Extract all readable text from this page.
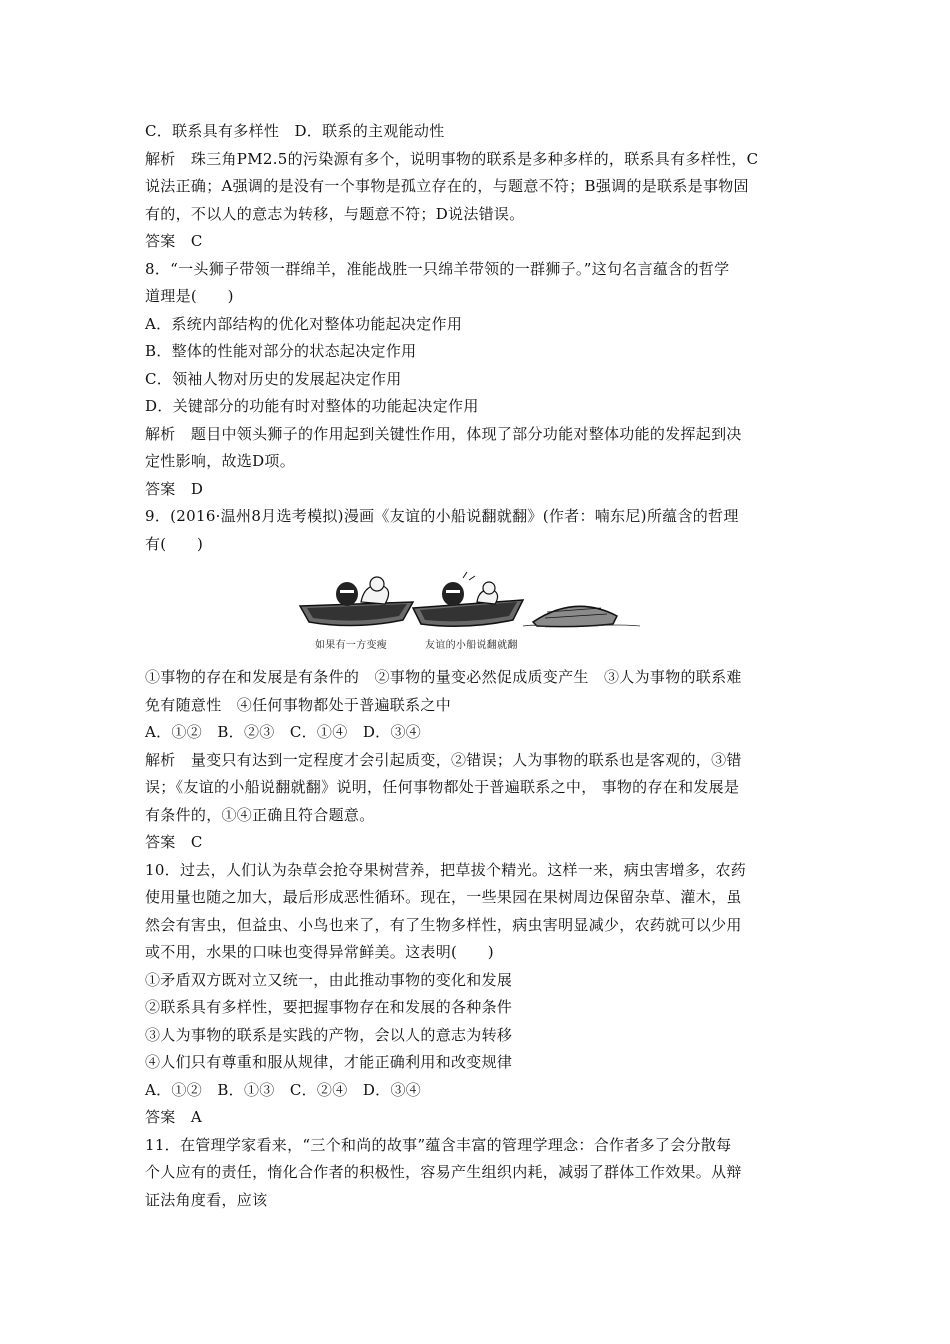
C．联系具有多样性　D．联系的主观能动性
解析　珠三角PM2.5的污染源有多个，说明事物的联系是多种多样的，联系具有多样性，C
说法正确；A强调的是没有一个事物是孤立存在的，与题意不符；B强调的是联系是事物固
有的，不以人的意志为转移，与题意不符；D说法错误。
答案　C
8．“一头狮子带领一群绵羊，准能战胜一只绵羊带领的一群狮子。”这句名言蕴含的哲学
道理是(　　)
A．系统内部结构的优化对整体功能起决定作用
B．整体的性能对部分的状态起决定作用
C．领袖人物对历史的发展起决定作用
D．关键部分的功能有时对整体的功能起决定作用
解析　题目中领头狮子的作用起到关键性作用，体现了部分功能对整体功能的发挥起到决
定性影响，故选D项。
答案　D
9．(2016·温州8月选考模拟)漫画《友谊的小船说翻就翻》(作者：喃东尼)所蕴含的哲理
有(　　)
如果有一方变瘦	友谊的小船说翻就翻
①事物的存在和发展是有条件的　②事物的量变必然促成质变产生　③人为事物的联系难
免有随意性　④任何事物都处于普遍联系之中
A．①②　B．②③　C．①④　D．③④
解析　量变只有达到一定程度才会引起质变，②错误；人为事物的联系也是客观的，③错
误；《友谊的小船说翻就翻》说明，任何事物都处于普遍联系之中， 事物的存在和发展是
有条件的，①④正确且符合题意。
答案　C
10．过去，人们认为杂草会抢夺果树营养，把草拔个精光。这样一来，病虫害增多，农药
使用量也随之加大，最后形成恶性循环。现在，一些果园在果树周边保留杂草、灌木，虽
然会有害虫，但益虫、小鸟也来了，有了生物多样性，病虫害明显减少，农药就可以少用
或不用，水果的口味也变得异常鲜美。这表明(　　)
①矛盾双方既对立又统一，由此推动事物的变化和发展
②联系具有多样性，要把握事物存在和发展的各种条件
③人为事物的联系是实践的产物，会以人的意志为转移
④人们只有尊重和服从规律，才能正确利用和改变规律
A．①②　B．①③　C．②④　D．③④
答案　A
11．在管理学家看来，“三个和尚的故事”蕴含丰富的管理学理念：合作者多了会分散每
个人应有的责任，惰化合作者的积极性，容易产生组织内耗，减弱了群体工作效果。从辩
证法角度看，应该
